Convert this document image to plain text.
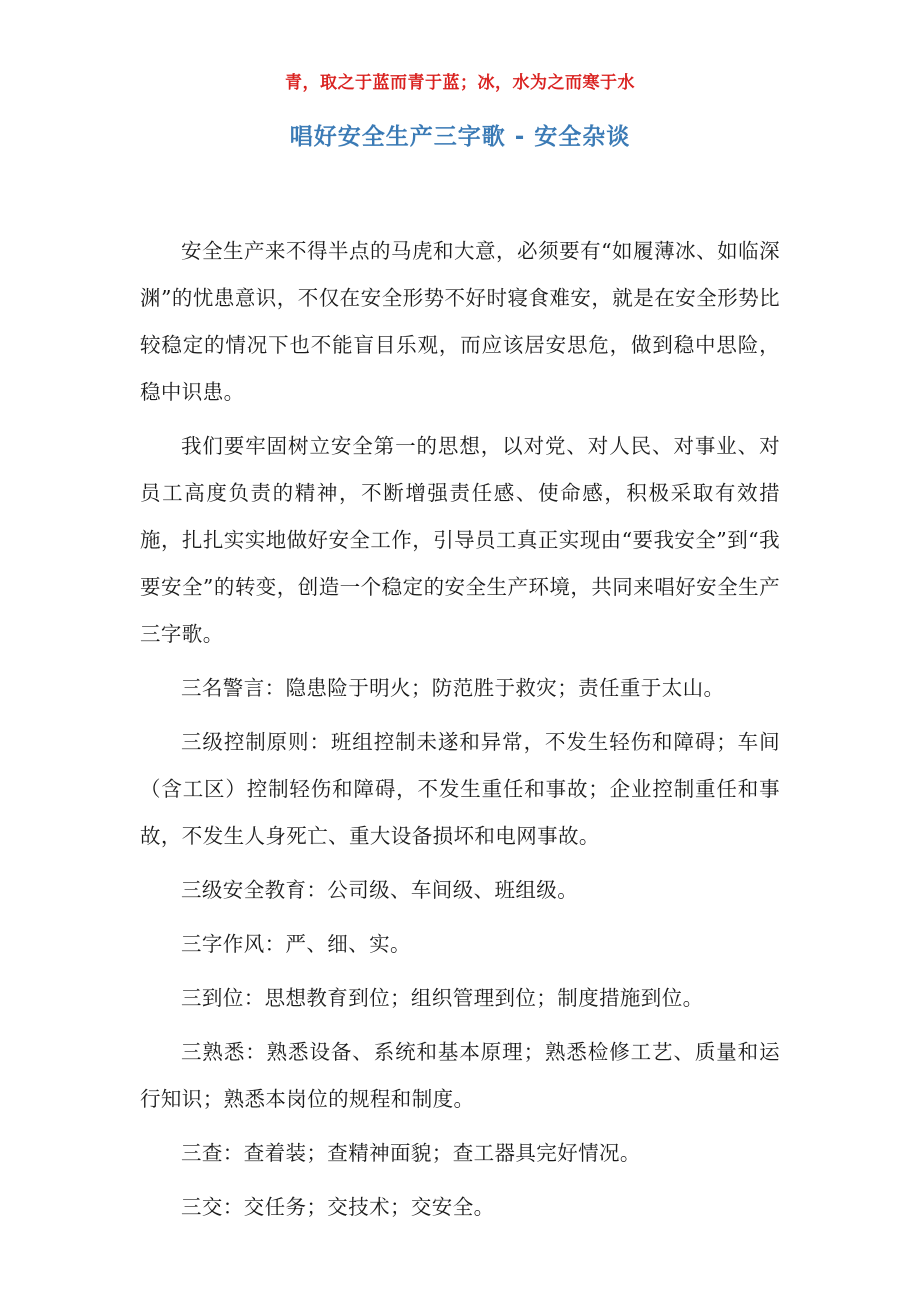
青，取之于蓝而青于蓝；冰，水为之而寒于水
唱好安全生产三字歌 - 安全杂谈

安全生产来不得半点的马虎和大意，必须要有“如履薄冰、如临深渊”的忧患意识，不仅在安全形势不好时寝食难安，就是在安全形势比较稳定的情况下也不能盲目乐观，而应该居安思危，做到稳中思险，稳中识患。

我们要牢固树立安全第一的思想，以对党、对人民、对事业、对员工高度负责的精神，不断增强责任感、使命感，积极采取有效措施，扎扎实实地做好安全工作，引导员工真正实现由“要我安全”到“我要安全”的转变，创造一个稳定的安全生产环境，共同来唱好安全生产三字歌。

三名警言：隐患险于明火；防范胜于救灾；责任重于太山。

三级控制原则：班组控制未遂和异常，不发生轻伤和障碍；车间（含工区）控制轻伤和障碍，不发生重任和事故；企业控制重任和事故，不发生人身死亡、重大设备损坏和电网事故。

三级安全教育：公司级、车间级、班组级。

三字作风：严、细、实。

三到位：思想教育到位；组织管理到位；制度措施到位。

三熟悉：熟悉设备、系统和基本原理；熟悉检修工艺、质量和运行知识；熟悉本岗位的规程和制度。

三查：查着装；查精神面貌；查工器具完好情况。

三交：交任务；交技术；交安全。
